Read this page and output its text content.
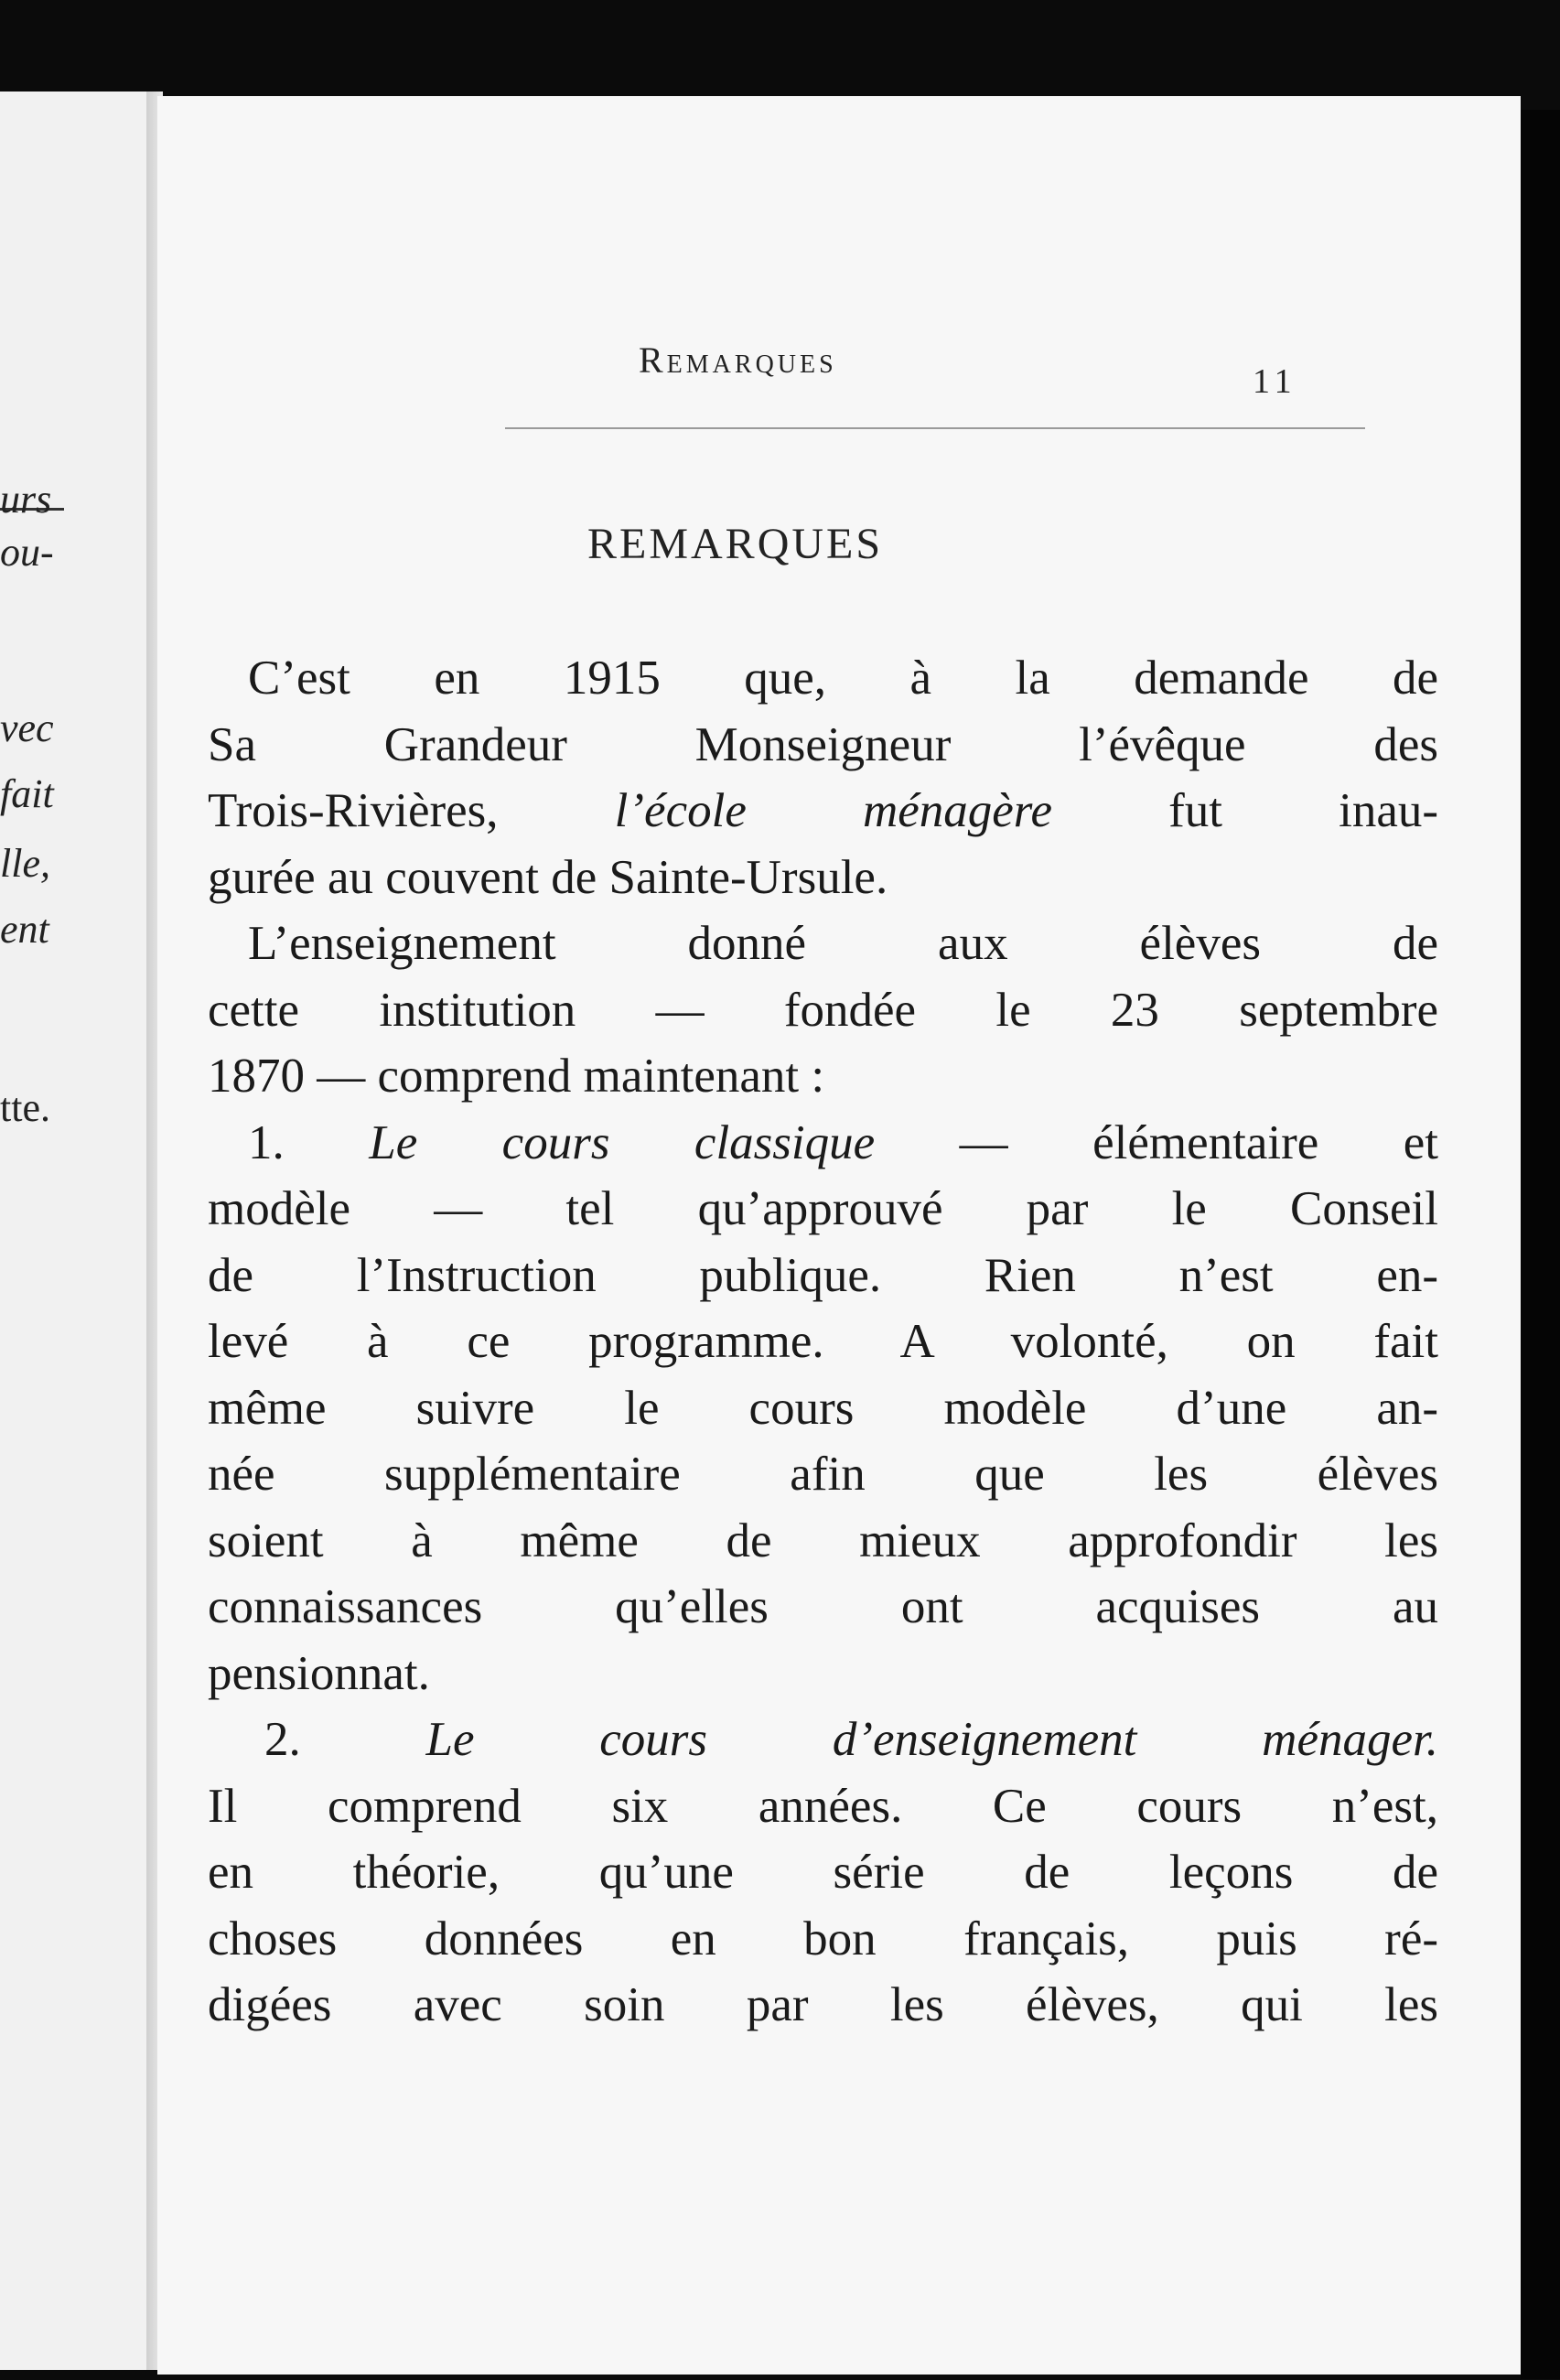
urs
ou-
vec
fait
lle,
ent
tte.
Remarques
11
REMARQUES
C’est en 1915 que, à la demande de
Sa Grandeur Monseigneur l’évêque des
Trois-Rivières, l’école ménagère fut inau-
gurée au couvent de Sainte-Ursule.
L’enseignement donné aux élèves de
cette institution — fondée le 23 septembre
1870 — comprend maintenant :
1. Le cours classique — élémentaire et
modèle — tel qu’approuvé par le Conseil
de l’Instruction publique. Rien n’est en-
levé à ce programme. A volonté, on fait
même suivre le cours modèle d’une an-
née supplémentaire afin que les élèves
soient à même de mieux approfondir les
connaissances qu’elles ont acquises au
pensionnat.
2.	Le cours d’enseignement ménager.
Il comprend six années. Ce cours n’est,
en théorie, qu’une série de leçons de
choses données en bon français, puis ré-
digées avec soin par les élèves, qui les
